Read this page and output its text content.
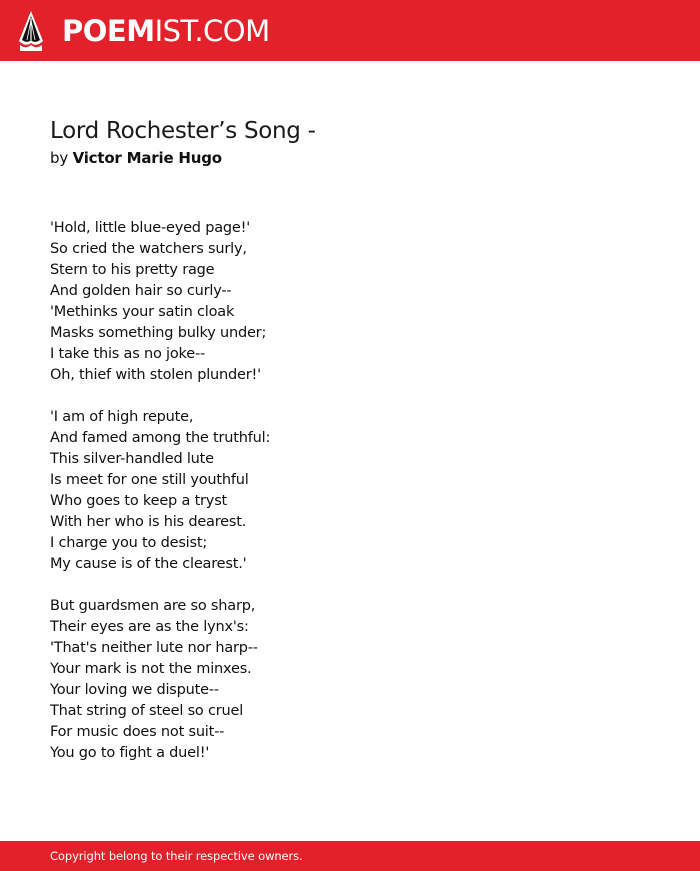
POEMIST.COM
Lord Rochester’s Song -

by Victor Marie Hugo

'Hold, little blue-eyed page!'
So cried the watchers surly,
Stern to his pretty rage
And golden hair so curly--
'Methinks your satin cloak
Masks something bulky under;
I take this as no joke--
Oh, thief with stolen plunder!'
'I am of high repute,
And famed among the truthful:
This silver-handled lute
Is meet for one still youthful
Who goes to keep a tryst
With her who is his dearest.
I charge you to desist;
My cause is of the clearest.'
But guardsmen are so sharp,
Their eyes are as the lynx's:
'That's neither lute nor harp--
Your mark is not the minxes.
Your loving we dispute--
That string of steel so cruel
For music does not suit--
You go to fight a duel!'
Copyright belong to their respective owners.
